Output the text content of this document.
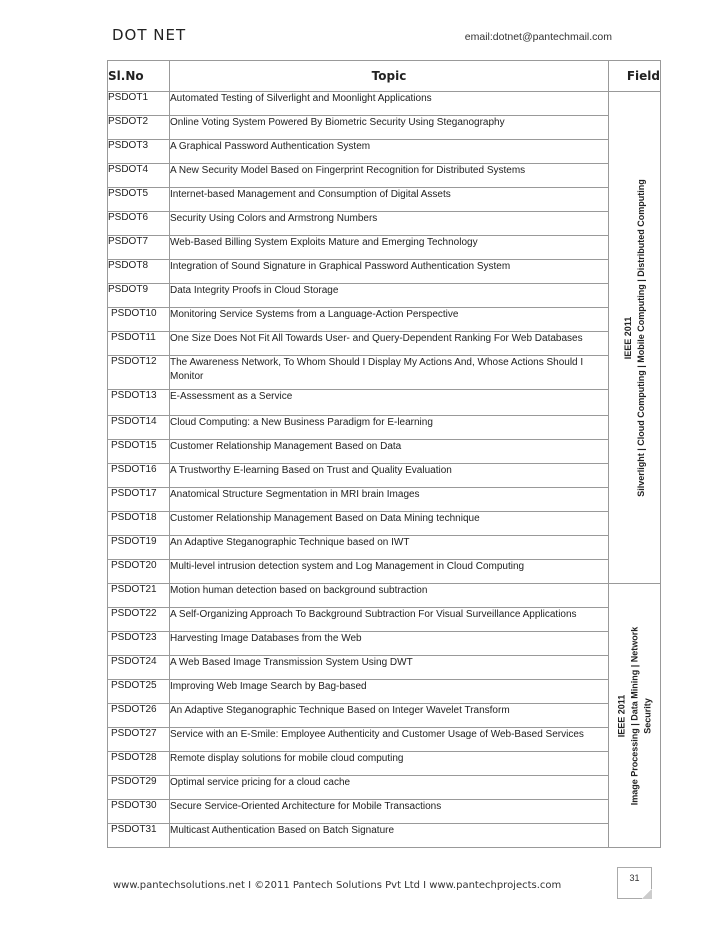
DOT NET	email:dotnet@pantechmail.com
Sl.No	Topic	Field
PSDOT1	Automated Testing of Silverlight and Moonlight Applications	IEEE 2011 Silverlight | Cloud Computing | Mobile Computing | Distributed Computing

PSDOT2	Online Voting System Powered By Biometric Security Using Steganography	
PSDOT3	A Graphical Password Authentication System	
PSDOT4	A New Security Model Based on Fingerprint Recognition for Distributed Systems	
PSDOT5	Internet-based Management and Consumption of Digital Assets	
PSDOT6	Security Using Colors and Armstrong Numbers	
PSDOT7	Web-Based Billing System Exploits Mature and Emerging Technology	
PSDOT8	Integration of Sound Signature in Graphical Password Authentication System	
PSDOT9	Data Integrity Proofs in Cloud Storage	
PSDOT10	Monitoring Service Systems from a Language-Action Perspective	
PSDOT11	One Size Does Not Fit All Towards User- and Query-Dependent Ranking For Web Databases	
PSDOT12	The Awareness Network, To Whom Should I Display My Actions And, Whose Actions Should I Monitor	
PSDOT13	E-Assessment as a Service	
PSDOT14	Cloud Computing: a New Business Paradigm for E-learning	
PSDOT15	Customer Relationship Management Based on Data	
PSDOT16	A Trustworthy E-learning Based on Trust and Quality Evaluation	
PSDOT17	Anatomical Structure Segmentation in MRI brain Images	
PSDOT18	Customer Relationship Management Based on Data Mining technique	
PSDOT19	An Adaptive Steganographic Technique based on IWT	
PSDOT20	Multi-level intrusion detection system and Log Management in Cloud Computing	
PSDOT21	Motion human detection based on background subtraction	IEEE 2011 Image Processing | Data Mining | Network Security

PSDOT22	A Self-Organizing Approach To Background Subtraction For Visual Surveillance Applications	
PSDOT23	Harvesting Image Databases from the Web	
PSDOT24	A Web Based Image Transmission System Using DWT	
PSDOT25	Improving Web Image Search by Bag-based	
PSDOT26	An Adaptive Steganographic Technique Based on Integer Wavelet Transform	
PSDOT27	Service with an E-Smile: Employee Authenticity and Customer Usage of Web-Based Services	
PSDOT28	Remote display solutions for mobile cloud computing	
PSDOT29	Optimal service pricing for a cloud cache	
PSDOT30	Secure Service-Oriented Architecture for Mobile Transactions	
PSDOT31	Multicast Authentication Based on Batch Signature	
31
www.pantechsolutions.net I ©2011 Pantech Solutions Pvt Ltd I www.pantechprojects.com
